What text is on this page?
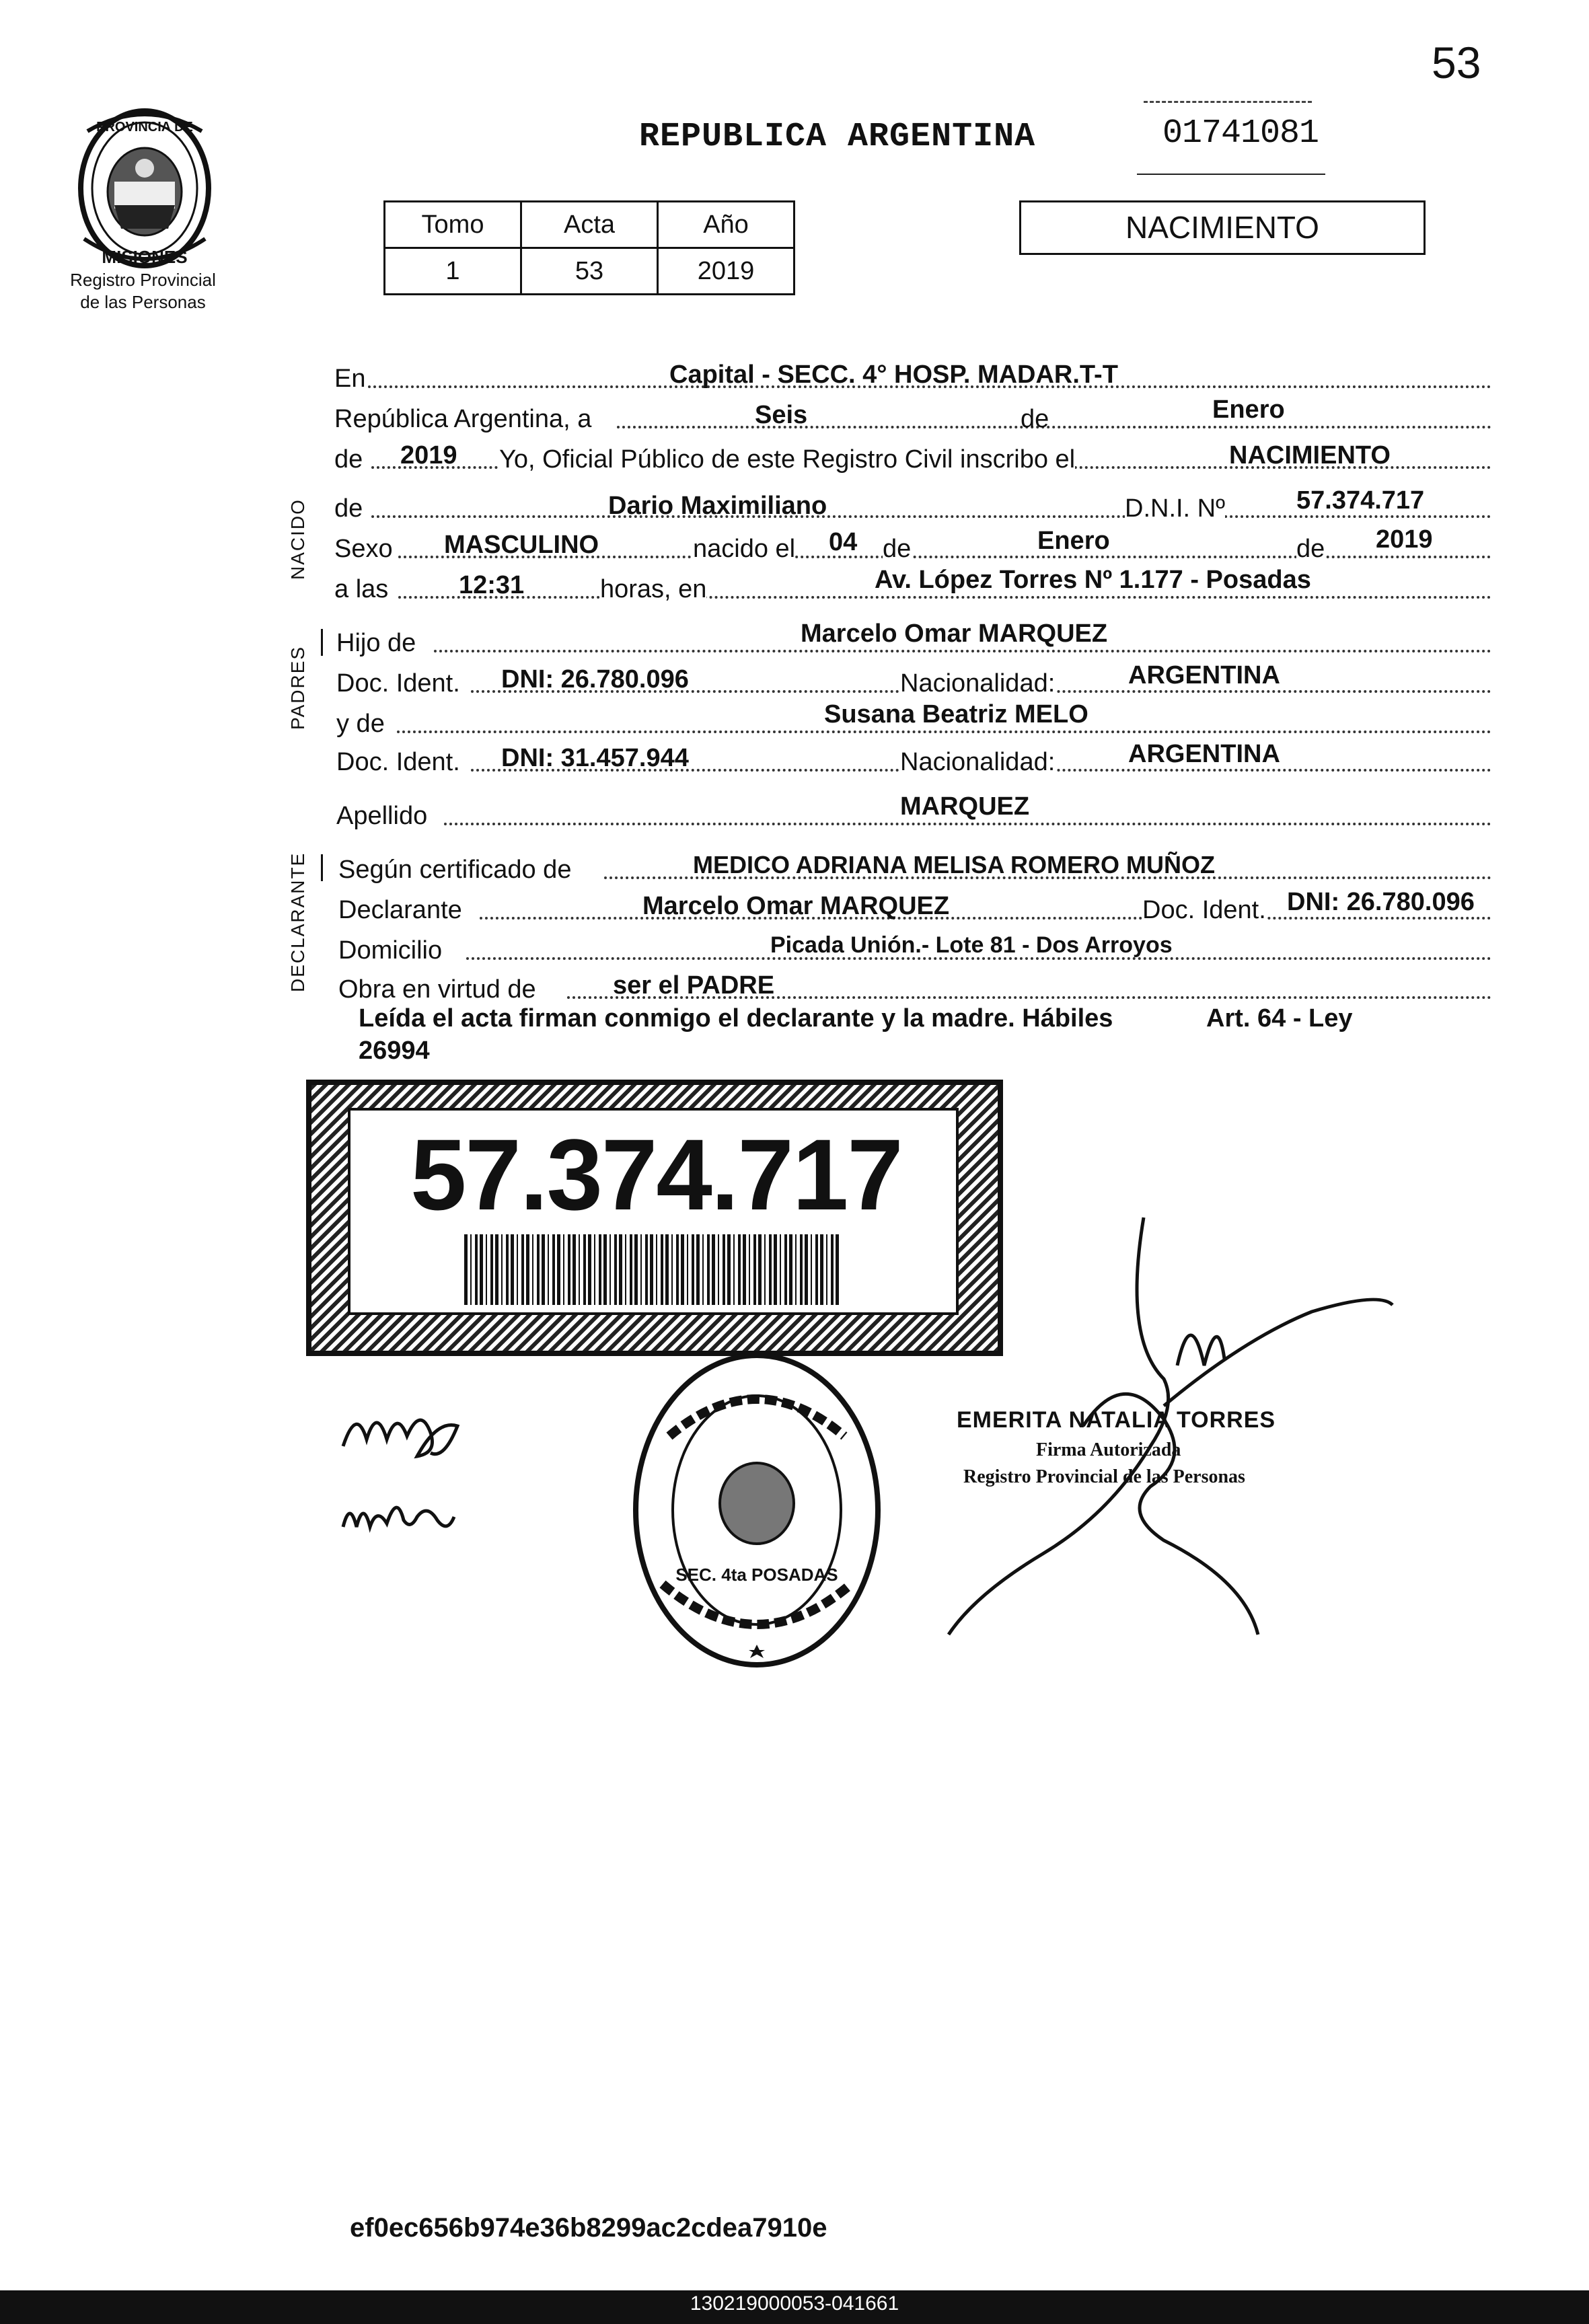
53
REPUBLICA ARGENTINA	01741081
PROVINCIA DE
MISIONES
Registro Provincial
de las Personas
Tomo	Acta	Año
1	53	2019
NACIMIENTO
NACIDO
PADRES
DECLARANTE
En	Capital - SECC. 4° HOSP. MADAR.T-T
República Argentina, a	Seis	de	Enero
de 2019 Yo, Oficial Público de este Registro Civil inscribo el	NACIMIENTO
de	Dario Maximiliano	D.N.I. Nº	57.374.717
Sexo MASCULINO	nacido el 04 de	Enero	de 2019
a las	12:31	horas, en	Av. López Torres Nº 1.177 - Posadas
Hijo de	Marcelo Omar MARQUEZ
Doc. Ident. DNI: 26.780.096	Nacionalidad:	ARGENTINA
y de	Susana Beatriz MELO
Doc. Ident. DNI: 31.457.944	Nacionalidad:	ARGENTINA
Apellido	MARQUEZ
Según certificado de	MEDICO ADRIANA MELISA ROMERO MUÑOZ
Declarante	Marcelo Omar MARQUEZ	Doc. Ident. DNI: 26.780.096
Domicilio	Picada Unión.- Lote 81 - Dos Arroyos
Obra en virtud de	ser el PADRE
Leída el acta firman conmigo el declarante y la madre. Hábiles	Art. 64 - Ley
26994
57.374.717
SEC. 4ta POSADAS
EMERITA NATALIA TORRES
Firma Autorizada
Registro Provincial de las Personas
ef0ec656b974e36b8299ac2cdea7910e
130219000053-041661
